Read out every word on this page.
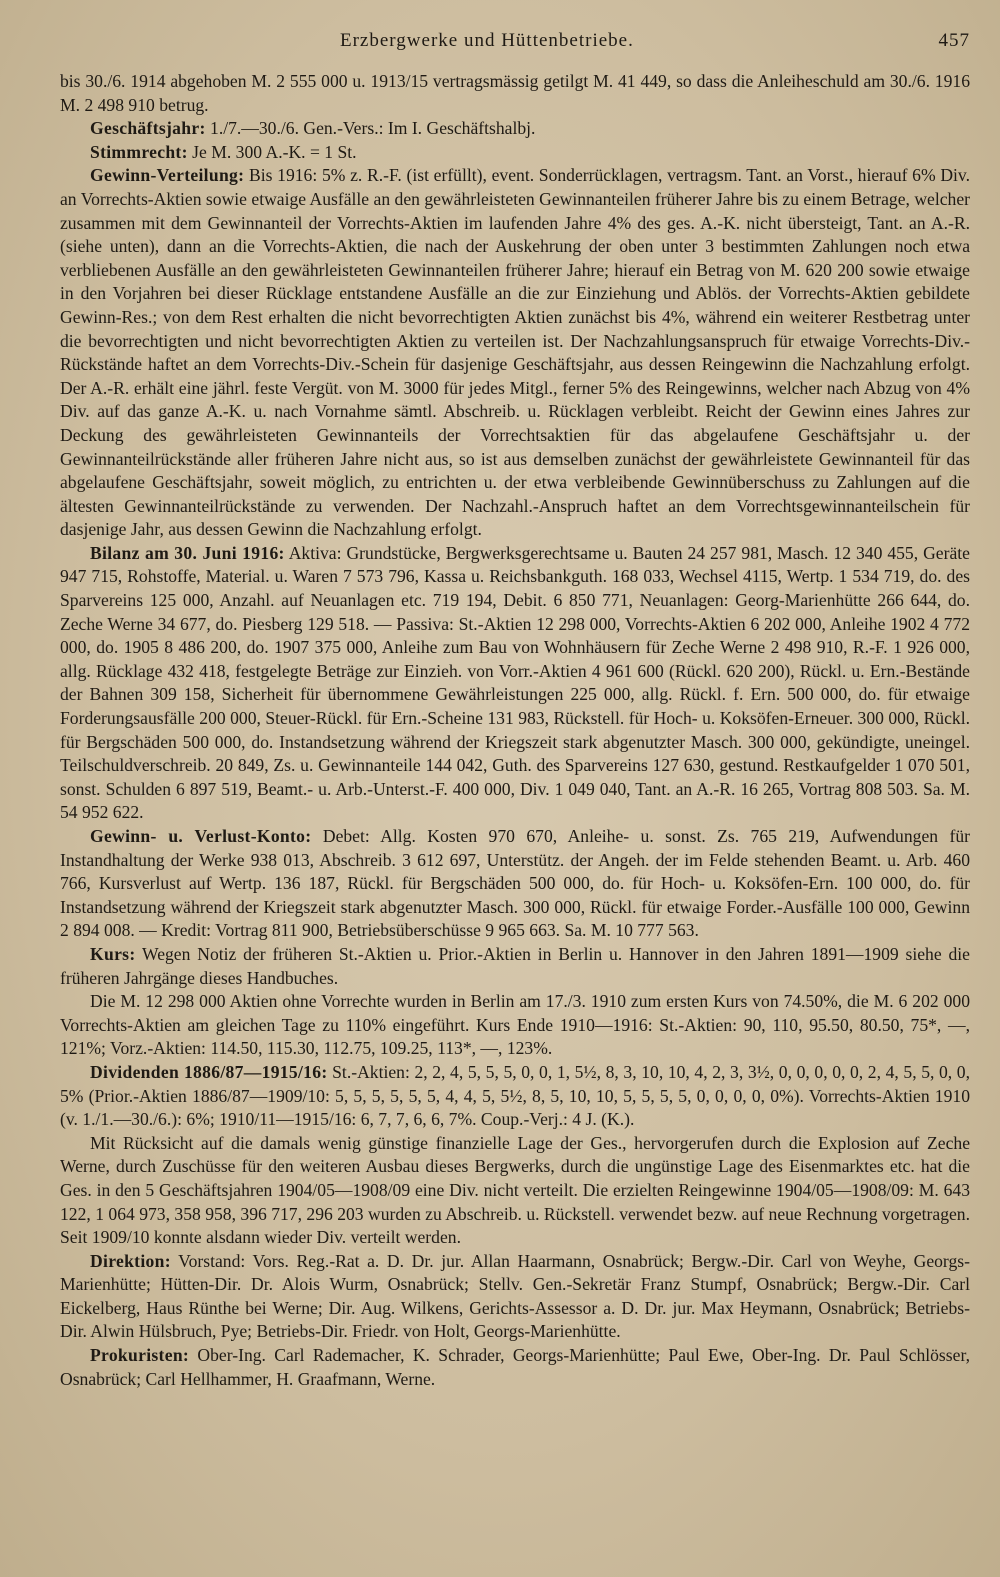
Erzbergwerke und Hüttenbetriebe.	457

bis 30./6. 1914 abgehoben M. 2 555 000 u. 1913/15 vertragsmässig getilgt M. 41 449, so dass die Anleiheschuld am 30./6. 1916 M. 2 498 910 betrug.

Geschäftsjahr: 1./7.—30./6. Gen.-Vers.: Im I. Geschäftshalbj.

Stimmrecht: Je M. 300 A.-K. = 1 St.

Gewinn-Verteilung: Bis 1916: 5% z. R.-F. (ist erfüllt), event. Sonderrücklagen, vertragsm. Tant. an Vorst., hierauf 6% Div. an Vorrechts-Aktien sowie etwaige Ausfälle an den gewährleisteten Gewinnanteilen früherer Jahre bis zu einem Betrage, welcher zusammen mit dem Gewinnanteil der Vorrechts-Aktien im laufenden Jahre 4% des ges. A.-K. nicht übersteigt, Tant. an A.-R. (siehe unten), dann an die Vorrechts-Aktien, die nach der Auskehrung der oben unter 3 bestimmten Zahlungen noch etwa verbliebenen Ausfälle an den gewährleisteten Gewinnanteilen früherer Jahre; hierauf ein Betrag von M. 620 200 sowie etwaige in den Vorjahren bei dieser Rücklage entstandene Ausfälle an die zur Einziehung und Ablös. der Vorrechts-Aktien gebildete Gewinn-Res.; von dem Rest erhalten die nicht bevorrechtigten Aktien zunächst bis 4%, während ein weiterer Restbetrag unter die bevorrechtigten und nicht bevorrechtigten Aktien zu verteilen ist. Der Nachzahlungsanspruch für etwaige Vorrechts-Div.-Rückstände haftet an dem Vorrechts-Div.-Schein für dasjenige Geschäftsjahr, aus dessen Reingewinn die Nachzahlung erfolgt. Der A.-R. erhält eine jährl. feste Vergüt. von M. 3000 für jedes Mitgl., ferner 5% des Reingewinns, welcher nach Abzug von 4% Div. auf das ganze A.-K. u. nach Vornahme sämtl. Abschreib. u. Rücklagen verbleibt. Reicht der Gewinn eines Jahres zur Deckung des gewährleisteten Gewinnanteils der Vorrechtsaktien für das abgelaufene Geschäftsjahr u. der Gewinnanteilrückstände aller früheren Jahre nicht aus, so ist aus demselben zunächst der gewährleistete Gewinnanteil für das abgelaufene Geschäftsjahr, soweit möglich, zu entrichten u. der etwa verbleibende Gewinnüberschuss zu Zahlungen auf die ältesten Gewinnanteilrückstände zu verwenden. Der Nachzahl.-Anspruch haftet an dem Vorrechtsgewinnanteilschein für dasjenige Jahr, aus dessen Gewinn die Nachzahlung erfolgt.

Bilanz am 30. Juni 1916: Aktiva: Grundstücke, Bergwerksgerechtsame u. Bauten 24 257 981, Masch. 12 340 455, Geräte 947 715, Rohstoffe, Material. u. Waren 7 573 796, Kassa u. Reichsbankguth. 168 033, Wechsel 4115, Wertp. 1 534 719, do. des Sparvereins 125 000, Anzahl. auf Neuanlagen etc. 719 194, Debit. 6 850 771, Neuanlagen: Georg-Marienhütte 266 644, do. Zeche Werne 34 677, do. Piesberg 129 518. — Passiva: St.-Aktien 12 298 000, Vorrechts-Aktien 6 202 000, Anleihe 1902 4 772 000, do. 1905 8 486 200, do. 1907 375 000, Anleihe zum Bau von Wohnhäusern für Zeche Werne 2 498 910, R.-F. 1 926 000, allg. Rücklage 432 418, festgelegte Beträge zur Einzieh. von Vorr.-Aktien 4 961 600 (Rückl. 620 200), Rückl. u. Ern.-Bestände der Bahnen 309 158, Sicherheit für übernommene Gewährleistungen 225 000, allg. Rückl. f. Ern. 500 000, do. für etwaige Forderungsausfälle 200 000, Steuer-Rückl. für Ern.-Scheine 131 983, Rückstell. für Hoch- u. Koksöfen-Erneuer. 300 000, Rückl. für Bergschäden 500 000, do. Instandsetzung während der Kriegszeit stark abgenutzter Masch. 300 000, gekündigte, uneingel. Teilschuldverschreib. 20 849, Zs. u. Gewinnanteile 144 042, Guth. des Sparvereins 127 630, gestund. Restkaufgelder 1 070 501, sonst. Schulden 6 897 519, Beamt.- u. Arb.-Unterst.-F. 400 000, Div. 1 049 040, Tant. an A.-R. 16 265, Vortrag 808 503. Sa. M. 54 952 622.

Gewinn- u. Verlust-Konto: Debet: Allg. Kosten 970 670, Anleihe- u. sonst. Zs. 765 219, Aufwendungen für Instandhaltung der Werke 938 013, Abschreib. 3 612 697, Unterstütz. der Angeh. der im Felde stehenden Beamt. u. Arb. 460 766, Kursverlust auf Wertp. 136 187, Rückl. für Bergschäden 500 000, do. für Hoch- u. Koksöfen-Ern. 100 000, do. für Instandsetzung während der Kriegszeit stark abgenutzter Masch. 300 000, Rückl. für etwaige Forder.-Ausfälle 100 000, Gewinn 2 894 008. — Kredit: Vortrag 811 900, Betriebsüberschüsse 9 965 663. Sa. M. 10 777 563.

Kurs: Wegen Notiz der früheren St.-Aktien u. Prior.-Aktien in Berlin u. Hannover in den Jahren 1891—1909 siehe die früheren Jahrgänge dieses Handbuches.

Die M. 12 298 000 Aktien ohne Vorrechte wurden in Berlin am 17./3. 1910 zum ersten Kurs von 74.50%, die M. 6 202 000 Vorrechts-Aktien am gleichen Tage zu 110% eingeführt. Kurs Ende 1910—1916: St.-Aktien: 90, 110, 95.50, 80.50, 75*, —, 121%; Vorz.-Aktien: 114.50, 115.30, 112.75, 109.25, 113*, —, 123%.

Dividenden 1886/87—1915/16: St.-Aktien: 2, 2, 4, 5, 5, 5, 0, 0, 1, 5½, 8, 3, 10, 10, 4, 2, 3, 3½, 0, 0, 0, 0, 0, 2, 4, 5, 5, 0, 0, 5% (Prior.-Aktien 1886/87—1909/10: 5, 5, 5, 5, 5, 5, 4, 4, 5, 5½, 8, 5, 10, 10, 5, 5, 5, 5, 0, 0, 0, 0, 0%). Vorrechts-Aktien 1910 (v. 1./1.—30./6.): 6%; 1910/11—1915/16: 6, 7, 7, 6, 6, 7%. Coup.-Verj.: 4 J. (K.).

Mit Rücksicht auf die damals wenig günstige finanzielle Lage der Ges., hervorgerufen durch die Explosion auf Zeche Werne, durch Zuschüsse für den weiteren Ausbau dieses Bergwerks, durch die ungünstige Lage des Eisenmarktes etc. hat die Ges. in den 5 Geschäftsjahren 1904/05—1908/09 eine Div. nicht verteilt. Die erzielten Reingewinne 1904/05—1908/09: M. 643 122, 1 064 973, 358 958, 396 717, 296 203 wurden zu Abschreib. u. Rückstell. verwendet bezw. auf neue Rechnung vorgetragen. Seit 1909/10 konnte alsdann wieder Div. verteilt werden.

Direktion: Vorstand: Vors. Reg.-Rat a. D. Dr. jur. Allan Haarmann, Osnabrück; Bergw.-Dir. Carl von Weyhe, Georgs-Marienhütte; Hütten-Dir. Dr. Alois Wurm, Osnabrück; Stellv. Gen.-Sekretär Franz Stumpf, Osnabrück; Bergw.-Dir. Carl Eickelberg, Haus Rünthe bei Werne; Dir. Aug. Wilkens, Gerichts-Assessor a. D. Dr. jur. Max Heymann, Osnabrück; Betriebs-Dir. Alwin Hülsbruch, Pye; Betriebs-Dir. Friedr. von Holt, Georgs-Marienhütte.

Prokuristen: Ober-Ing. Carl Rademacher, K. Schrader, Georgs-Marienhütte; Paul Ewe, Ober-Ing. Dr. Paul Schlösser, Osnabrück; Carl Hellhammer, H. Graafmann, Werne.
